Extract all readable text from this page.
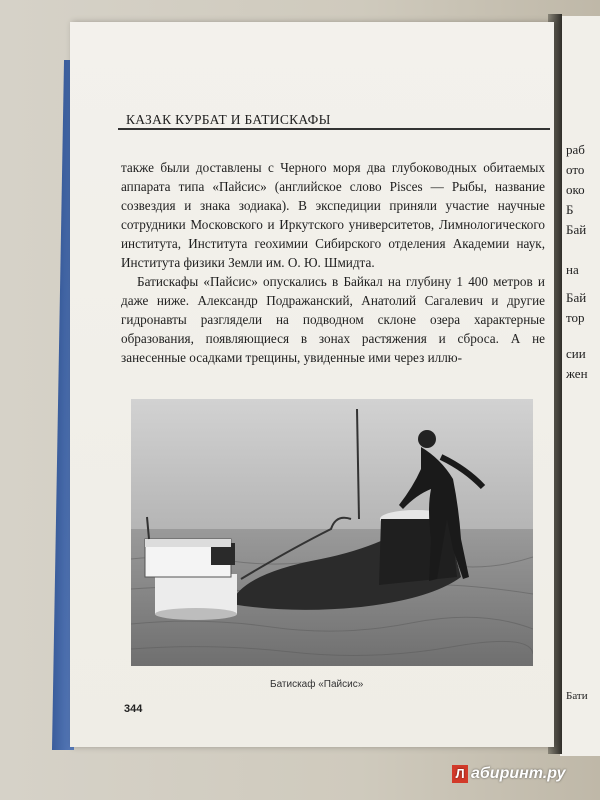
КАЗАК КУРБАТ И БАТИСКАФЫ

также были доставлены с Черного моря два глубоководных обитаемых аппарата типа «Пайсис» (английское слово Pisces — Рыбы, название созвездия и знака зодиака). В экспедиции приняли участие научные сотрудники Московского и Иркутского университетов, Лимнологического института, Института геохимии Сибирского отделения Академии наук, Института физики Земли им. О. Ю. Шмидта.

Батискафы «Пайсис» опускались в Байкал на глубину 1 400 метров и даже ниже. Александр Подражанский, Анатолий Сагалевич и другие гидронавты разглядели на подводном склоне озера характерные образования, появляющиеся в зонах растяжения и сброса. А не занесенные осадками трещины, увиденные ими через иллю-

Батискаф «Пайсис»
344
раб
ото
око
Б
Бай
на
Бай
тор
сии
жен
Бати
Л абиринт.ру
